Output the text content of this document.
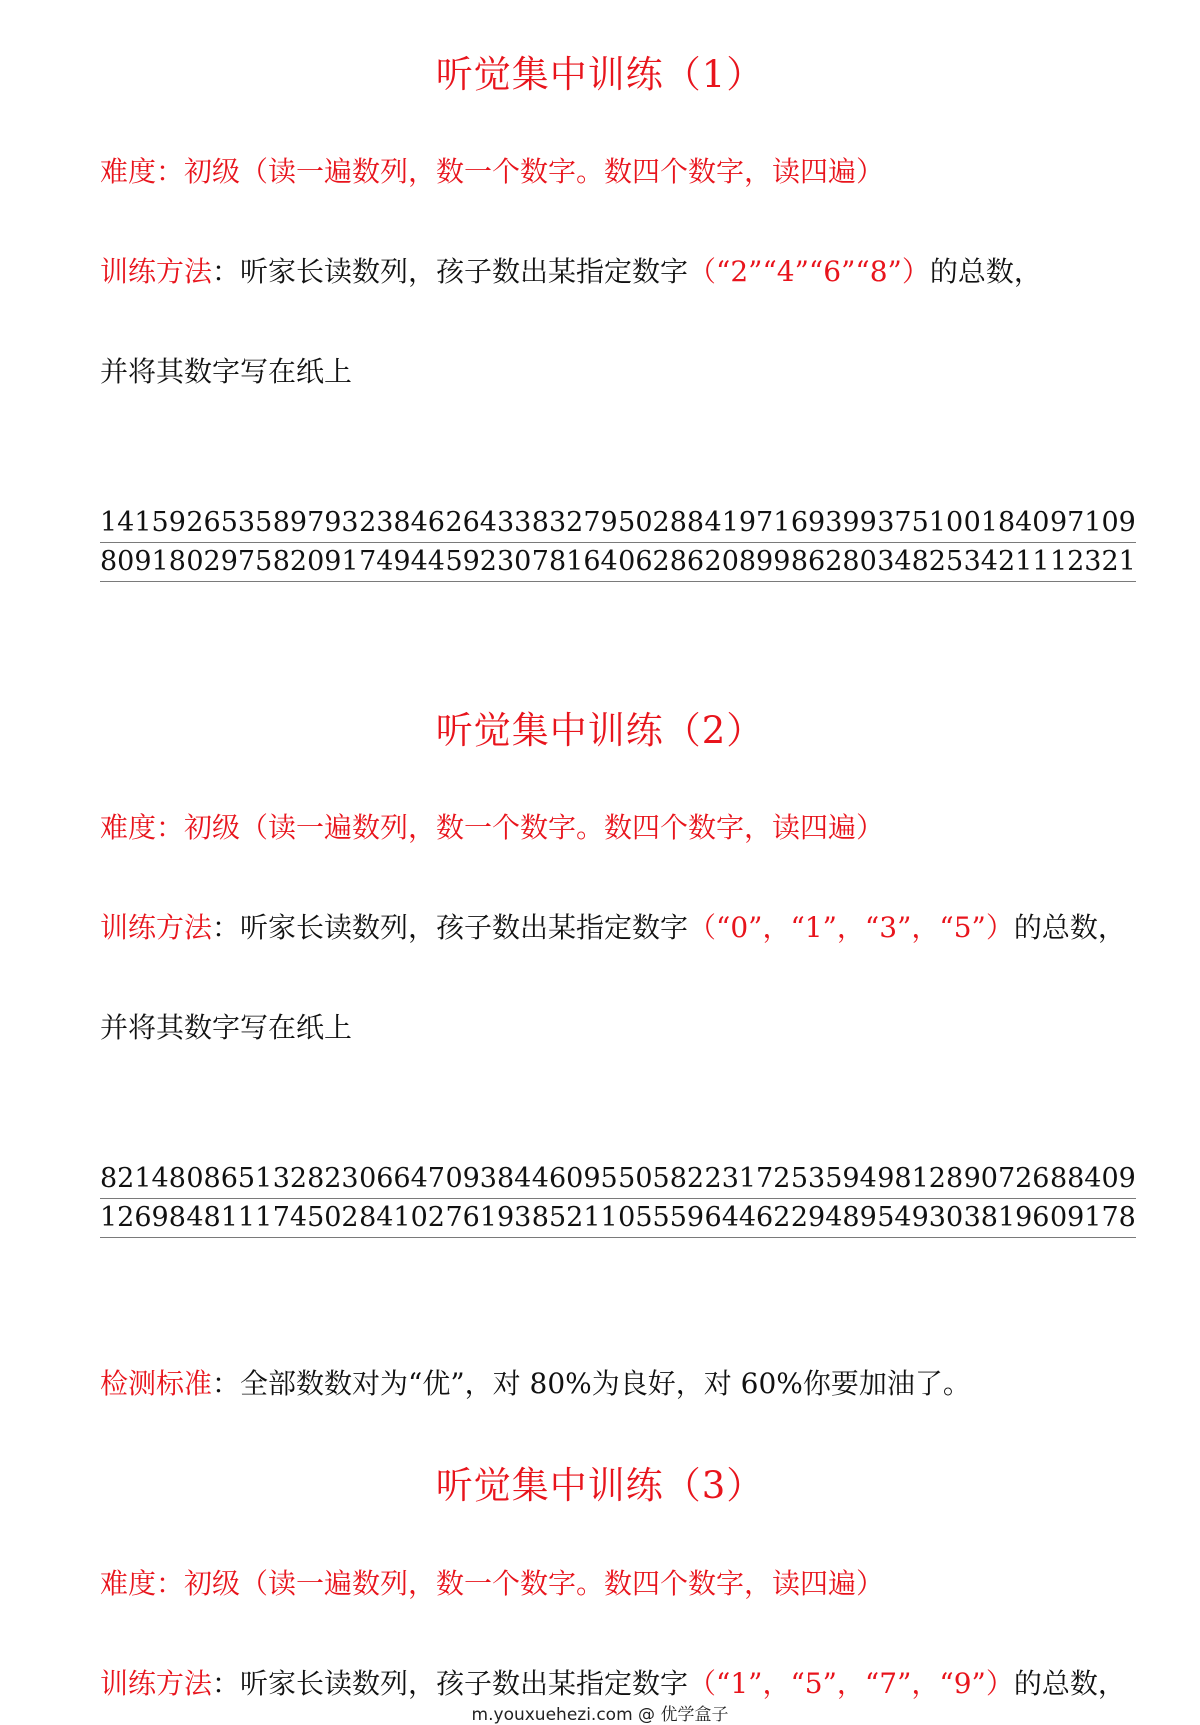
听觉集中训练（1）
难度：初级（读一遍数列，数一个数字。数四个数字，读四遍）
训练方法：听家长读数列，孩子数出某指定数字（“2”“4”“6”“8”）的总数，
并将其数字写在纸上
14159 26535 89793 23846 26433 83279 50288 41971 69399 37510 01840 97109
80918 02975 82091 74944 59230 78164 06286 20899 86280 34825 34211 12321
听觉集中训练（2）
难度：初级（读一遍数列，数一个数字。数四个数字，读四遍）
训练方法：听家长读数列，孩子数出某指定数字（“0”，“1”，“3”，“5”）的总数，
并将其数字写在纸上
82148 08651 32823 06647 09384 46095 50582 23172 53594 98128 90726 88409
12698 48111 74502 84102 76193 85211 05559 64462 29489 54930 38196 09178
检测标准：全部数数对为“优”，对 80%为良好，对 60%你要加油了。
听觉集中训练（3）
难度：初级（读一遍数列，数一个数字。数四个数字，读四遍）
训练方法：听家长读数列，孩子数出某指定数字（“1”，“5”，“7”，“9”）的总数，
m.youxuehezi.com @ 优学盒子
